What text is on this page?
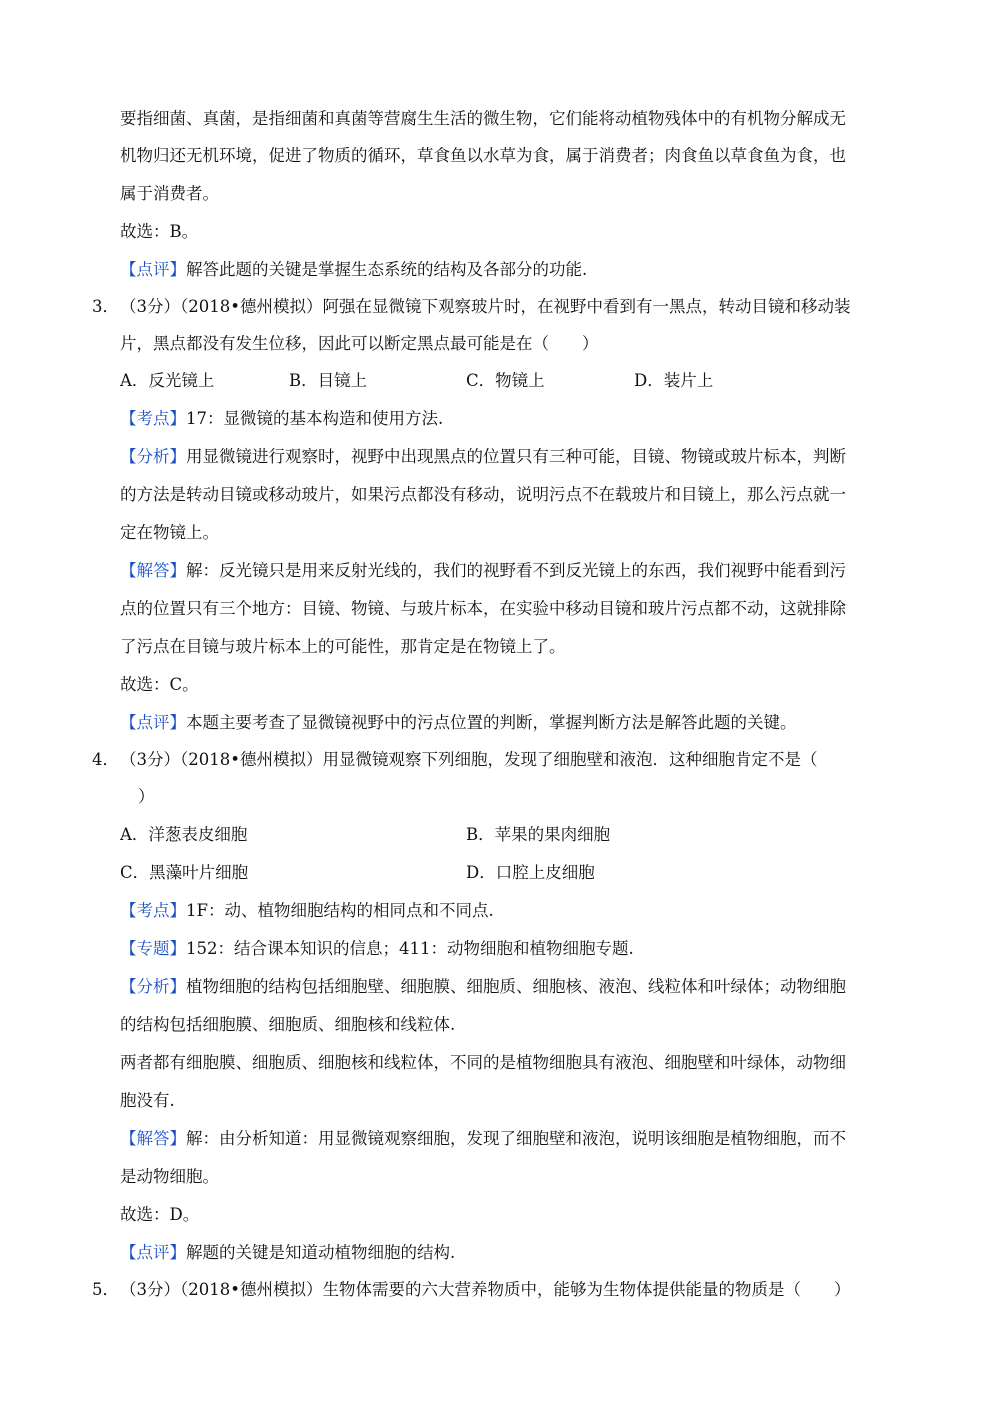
要指细菌、真菌，是指细菌和真菌等营腐生生活的微生物，它们能将动植物残体中的有机物分解成无
机物归还无机环境，促进了物质的循环，草食鱼以水草为食，属于消费者；肉食鱼以草食鱼为食，也
属于消费者。
故选：B。
【点评】解答此题的关键是掌握生态系统的结构及各部分的功能.
3． （3分）（2018•德州模拟）阿强在显微镜下观察玻片时，在视野中看到有一黑点，转动目镜和移动装
片，黑点都没有发生位移，因此可以断定黑点最可能是在（　　）
A．反光镜上	B．目镜上	C．物镜上	D．装片上
【考点】17：显微镜的基本构造和使用方法.
【分析】用显微镜进行观察时，视野中出现黑点的位置只有三种可能，目镜、物镜或玻片标本，判断
的方法是转动目镜或移动玻片，如果污点都没有移动，说明污点不在载玻片和目镜上，那么污点就一
定在物镜上。
【解答】解：反光镜只是用来反射光线的，我们的视野看不到反光镜上的东西，我们视野中能看到污
点的位置只有三个地方：目镜、物镜、与玻片标本，在实验中移动目镜和玻片污点都不动，这就排除
了污点在目镜与玻片标本上的可能性，那肯定是在物镜上了。
故选：C。
【点评】本题主要考查了显微镜视野中的污点位置的判断，掌握判断方法是解答此题的关键。
4． （3分）（2018•德州模拟）用显微镜观察下列细胞，发现了细胞壁和液泡．这种细胞肯定不是（
）
A．洋葱表皮细胞	B．苹果的果肉细胞
C．黑藻叶片细胞	D．口腔上皮细胞
【考点】1F：动、植物细胞结构的相同点和不同点.
【专题】152：结合课本知识的信息；411：动物细胞和植物细胞专题.
【分析】植物细胞的结构包括细胞壁、细胞膜、细胞质、细胞核、液泡、线粒体和叶绿体；动物细胞
的结构包括细胞膜、细胞质、细胞核和线粒体.
两者都有细胞膜、细胞质、细胞核和线粒体，不同的是植物细胞具有液泡、细胞壁和叶绿体，动物细
胞没有.
【解答】解：由分析知道：用显微镜观察细胞，发现了细胞壁和液泡，说明该细胞是植物细胞，而不
是动物细胞。
故选：D。
【点评】解题的关键是知道动植物细胞的结构.
5． （3分）（2018•德州模拟）生物体需要的六大营养物质中，能够为生物体提供能量的物质是（　　）
